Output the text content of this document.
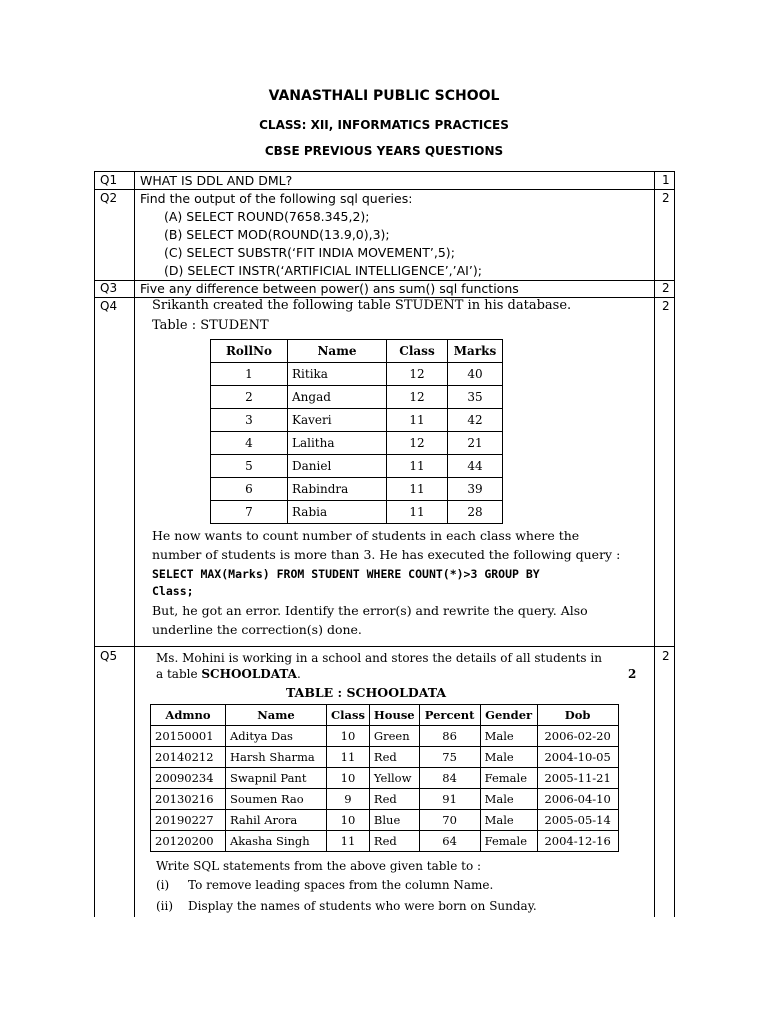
VANASTHALI PUBLIC SCHOOL
CLASS: XII, INFORMATICS PRACTICES
CBSE PREVIOUS YEARS QUESTIONS
Q1 WHAT IS DDL AND DML?	1
Q2 Find the output of the following sql queries:	2
(A) SELECT ROUND(7658.345,2);
(B) SELECT MOD(ROUND(13.9,0),3);
(C) SELECT SUBSTR(‘FIT INDIA MOVEMENT’,5);
(D) SELECT INSTR(‘ARTIFICIAL INTELLIGENCE’,’AI’);
Q3 Five any difference between power() ans sum() sql functions	2
Q4	2
Srikanth created the following table STUDENT in his database.
Table : STUDENT
RollNo	Name	Class	Marks
1	Ritika	12	40
2	Angad	12	35
3	Kaveri	11	42
4	Lalitha	12	21
5	Daniel	11	44
6	Rabindra	11	39
7	Rabia	11	28
He now wants to count number of students in each class where the
number of students is more than 3. He has executed the following query :
SELECT MAX(Marks) FROM STUDENT WHERE COUNT(*)>3 GROUP BY
Class;
But, he got an error. Identify the error(s) and rewrite the query. Also
underline the correction(s) done.
Q5	2
Ms. Mohini is working in a school and stores the details of all students in
a table SCHOOLDATA.	2
TABLE : SCHOOLDATA
Admno	Name	Class	House	Percent	Gender	Dob
20150001	Aditya Das	10	Green	86	Male	2006-02-20
20140212	Harsh Sharma	11	Red	75	Male	2004-10-05
20090234	Swapnil Pant	10	Yellow	84	Female	2005-11-21
20130216	Soumen Rao	9	Red	91	Male	2006-04-10
20190227	Rahil Arora	10	Blue	70	Male	2005-05-14
20120200	Akasha Singh	11	Red	64	Female	2004-12-16
Write SQL statements from the above given table to :
(i) To remove leading spaces from the column Name.
(ii) Display the names of students who were born on Sunday.
